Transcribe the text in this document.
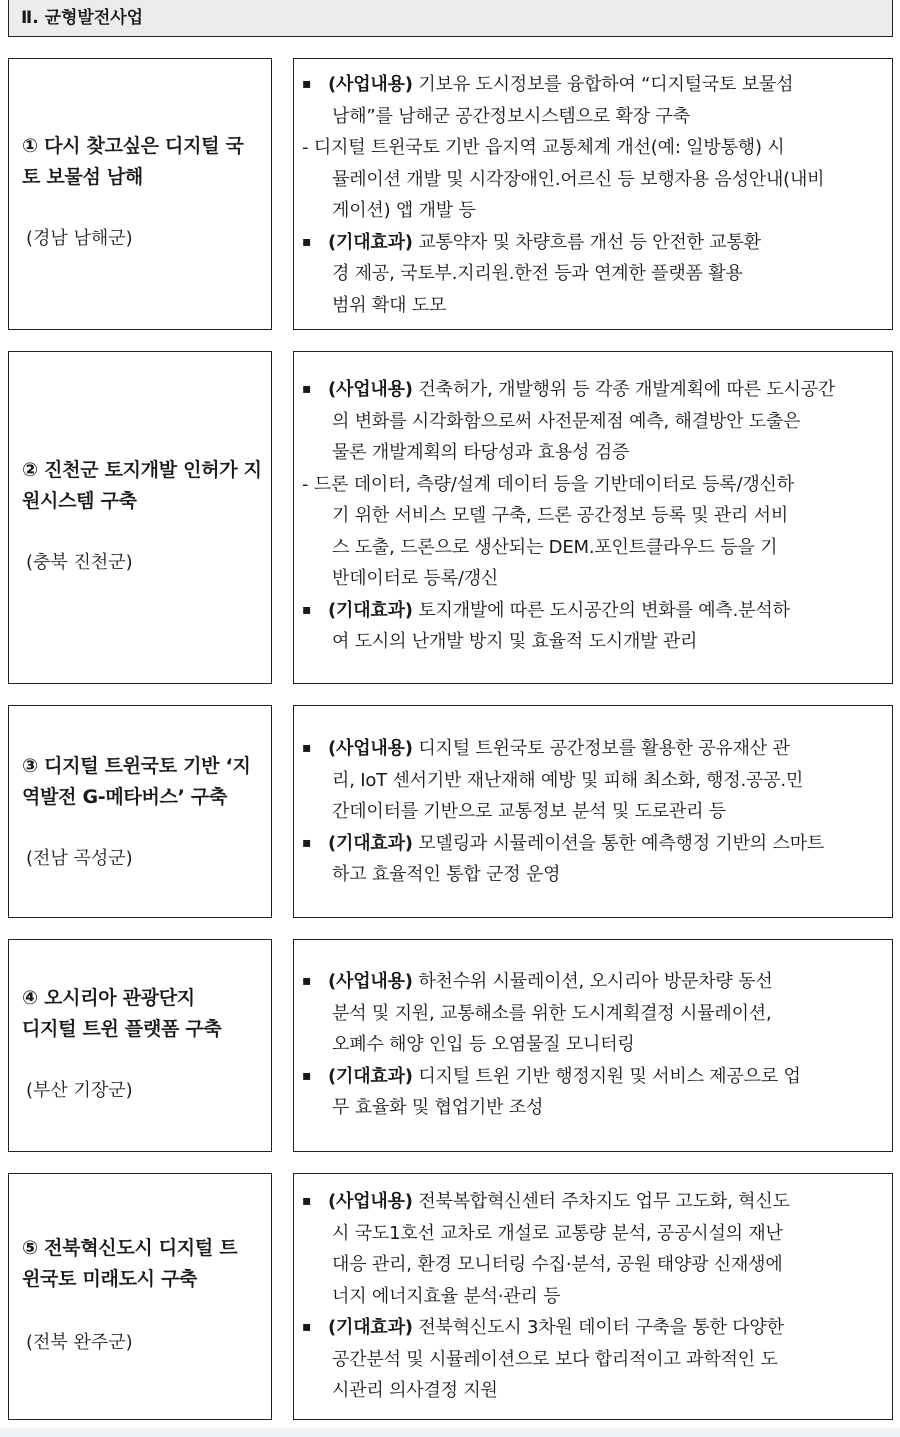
Ⅱ. 균형발전사업
① 다시 찾고싶은 디지털 국
토 보물섬 남해
(경남 남해군)
▪ (사업내용) 기보유 도시정보를 융합하여 “디지털국토 보물섬
남해”를 남해군 공간정보시스템으로 확장 구축
- 디지털 트윈국토 기반 읍지역 교통체계 개선(예: 일방통행) 시
뮬레이션 개발 및 시각장애인.어르신 등 보행자용 음성안내(내비
게이션) 앱 개발 등
▪ (기대효과) 교통약자 및 차량흐름 개선 등 안전한 교통환
경 제공, 국토부.지리원.한전 등과 연계한 플랫폼 활용
범위 확대 도모
② 진천군 토지개발 인허가 지
원시스템 구축
(충북 진천군)
▪ (사업내용) 건축허가, 개발행위 등 각종 개발계획에 따른 도시공간
의 변화를 시각화함으로써 사전문제점 예측, 해결방안 도출은
물론 개발계획의 타당성과 효용성 검증
- 드론 데이터, 측량/설계 데이터 등을 기반데이터로 등록/갱신하
기 위한 서비스 모델 구축, 드론 공간정보 등록 및 관리 서비
스 도출, 드론으로 생산되는 DEM.포인트클라우드 등을 기
반데이터로 등록/갱신
▪ (기대효과) 토지개발에 따른 도시공간의 변화를 예측.분석하
여 도시의 난개발 방지 및 효율적 도시개발 관리
③ 디지털 트윈국토 기반 ‘지
역발전 G-메타버스’ 구축
(전남 곡성군)
▪ (사업내용) 디지털 트윈국토 공간정보를 활용한 공유재산 관
리, IoT 센서기반 재난재해 예방 및 피해 최소화, 행정.공공.민
간데이터를 기반으로 교통정보 분석 및 도로관리 등
▪ (기대효과) 모델링과 시뮬레이션을 통한 예측행정 기반의 스마트
하고 효율적인 통합 군정 운영
④ 오시리아 관광단지
디지털 트윈 플랫폼 구축
(부산 기장군)
▪ (사업내용) 하천수위 시뮬레이션, 오시리아 방문차량 동선
분석 및 지원, 교통해소를 위한 도시계획결정 시뮬레이션,
오폐수 해양 인입 등 오염물질 모니터링
▪ (기대효과) 디지털 트윈 기반 행정지원 및 서비스 제공으로 업
무 효율화 및 협업기반 조성
⑤ 전북혁신도시 디지털 트
윈국토 미래도시 구축
(전북 완주군)
▪ (사업내용) 전북복합혁신센터 주차지도 업무 고도화, 혁신도
시 국도1호선 교차로 개설로 교통량 분석, 공공시설의 재난
대응 관리, 환경 모니터링 수집·분석, 공원 태양광 신재생에
너지 에너지효율 분석·관리 등
▪ (기대효과) 전북혁신도시 3차원 데이터 구축을 통한 다양한
공간분석 및 시뮬레이션으로 보다 합리적이고 과학적인 도
시관리 의사결정 지원
